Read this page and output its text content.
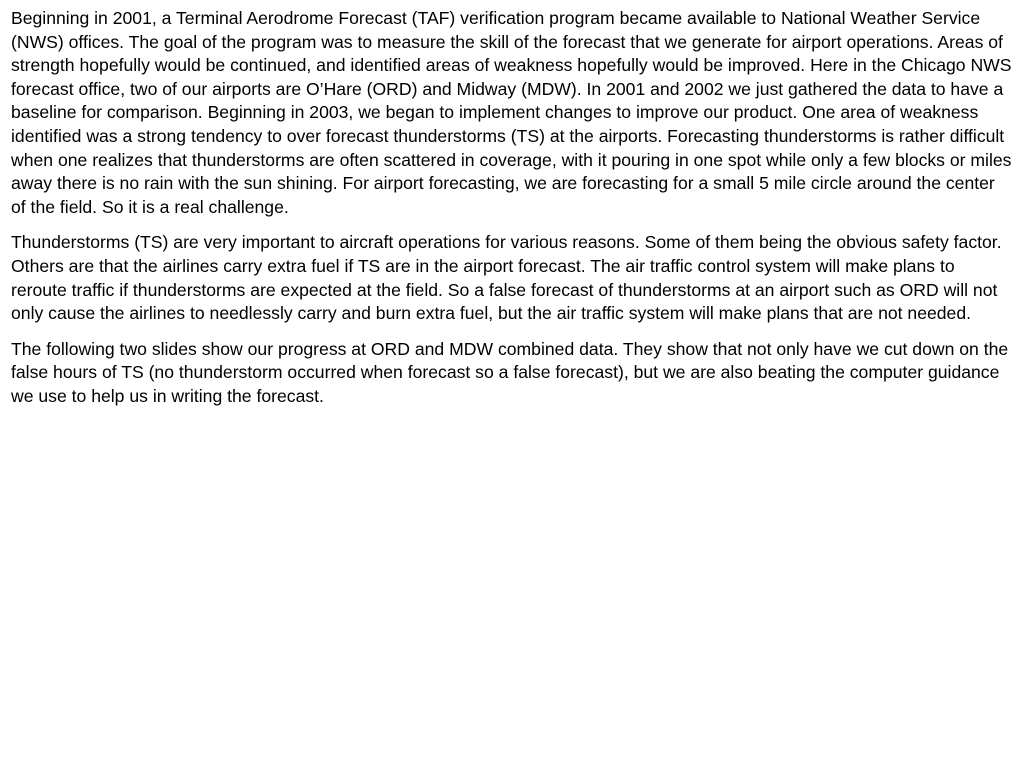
Beginning in 2001, a Terminal Aerodrome Forecast (TAF) verification program became available to National Weather Service (NWS) offices. The goal of the program was to measure the skill of the forecast that we generate for airport operations. Areas of strength hopefully would be continued, and identified areas of weakness hopefully would be improved. Here in the Chicago NWS forecast office, two of our airports are O’Hare (ORD) and Midway (MDW). In 2001 and 2002 we just gathered the data to have a baseline for comparison. Beginning in 2003, we began to implement changes to improve our product. One area of weakness identified was a strong tendency to over forecast thunderstorms (TS) at the airports. Forecasting thunderstorms is rather difficult when one realizes that thunderstorms are often scattered in coverage, with it pouring in one spot while only a few blocks or miles away there is no rain with the sun shining. For airport forecasting, we are forecasting for a small 5 mile circle around the center of the field. So it is a real challenge.

Thunderstorms (TS) are very important to aircraft operations for various reasons. Some of them being the obvious safety factor. Others are that the airlines carry extra fuel if TS are in the airport forecast. The air traffic control system will make plans to reroute traffic if thunderstorms are expected at the field. So a false forecast of thunderstorms at an airport such as ORD will not only cause the airlines to needlessly carry and burn extra fuel, but the air traffic system will make plans that are not needed.

The following two slides show our progress at ORD and MDW combined data. They show that not only have we cut down on the false hours of TS (no thunderstorm occurred when forecast so a false forecast), but we are also beating the computer guidance we use to help us in writing the forecast.
